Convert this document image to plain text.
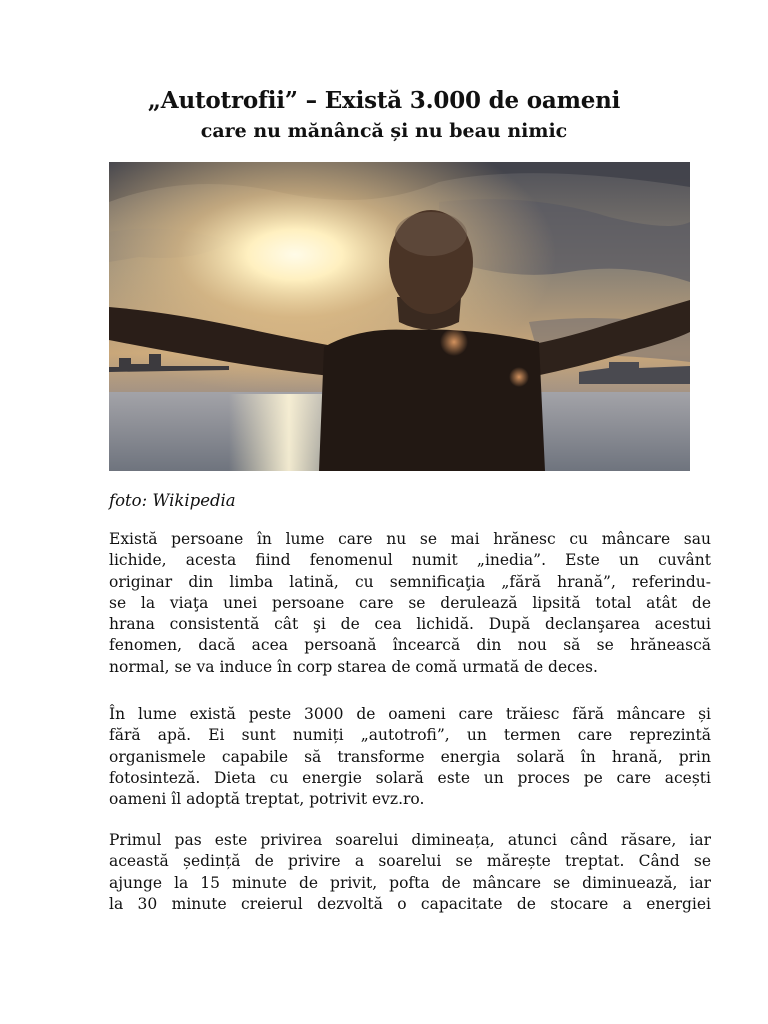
„Autotrofii” – Există 3.000 de oameni
care nu mănâncă și nu beau nimic
foto: Wikipedia
Există persoane în lume care nu se mai hrănesc cu mâncare sau
lichide, acesta fiind fenomenul numit „inedia”. Este un cuvânt
originar din limba latină, cu semnificaţia „fără hrană”, referindu-
se la viaţa unei persoane care se derulează lipsită total atât de
hrana consistentă cât şi de cea lichidă. După declanşarea acestui
fenomen, dacă acea persoană încearcă din nou să se hrănească
normal, se va induce în corp starea de comă urmată de deces.
În lume există peste 3000 de oameni care trăiesc fără mâncare și
fără apă. Ei sunt numiți „autotrofi”, un termen care reprezintă
organismele capabile să transforme energia solară în hrană, prin
fotosinteză. Dieta cu energie solară este un proces pe care acești
oameni îl adoptă treptat, potrivit evz.ro.
Primul pas este privirea soarelui dimineața, atunci când răsare, iar
această ședință de privire a soarelui se mărește treptat. Când se
ajunge la 15 minute de privit, pofta de mâncare se diminuează, iar
la 30 minute creierul dezvoltă o capacitate de stocare a energiei
